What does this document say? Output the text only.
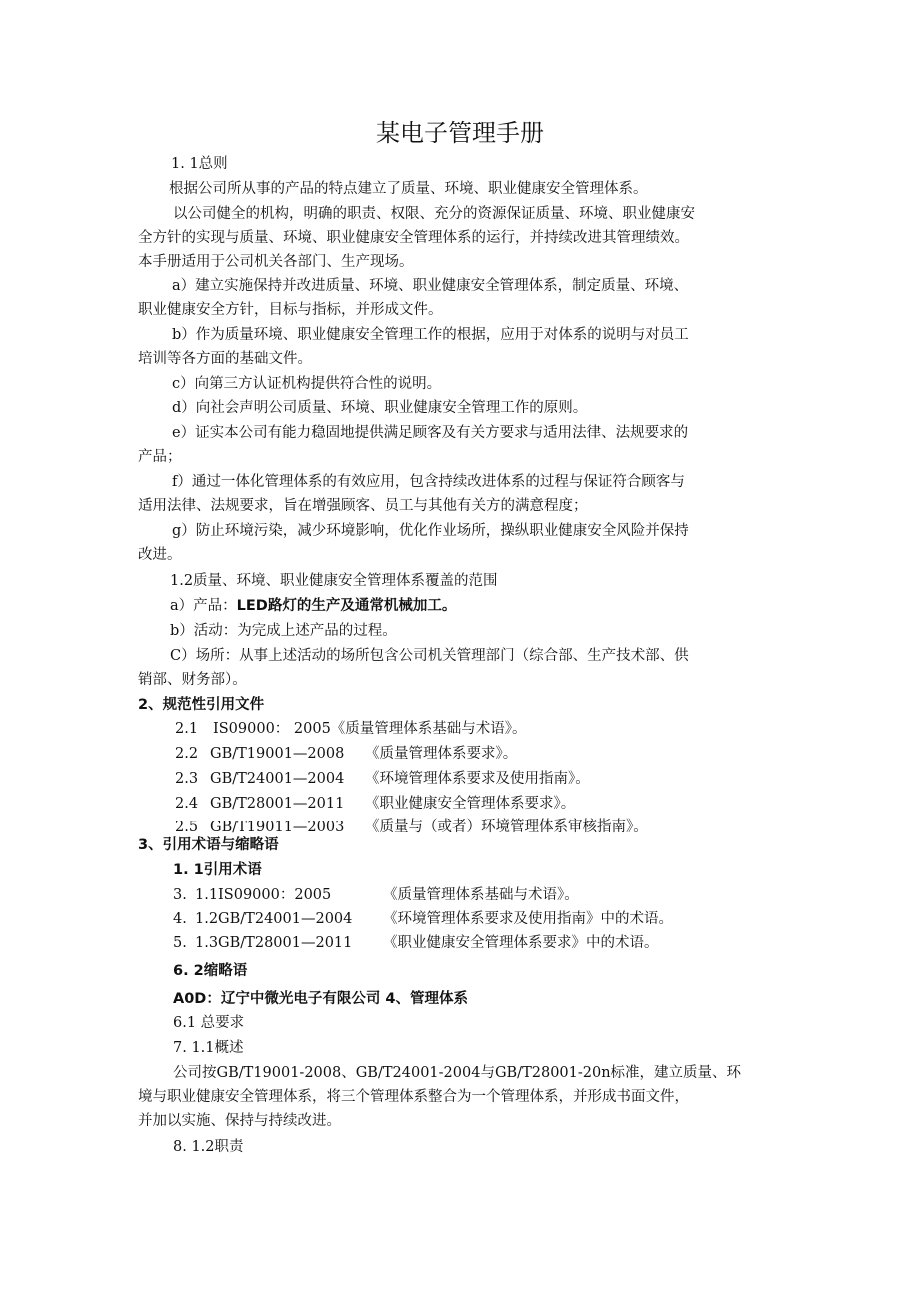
某电子管理手册
1. 1总则
根据公司所从事的产品的特点建立了质量、环境、职业健康安全管理体系。
以公司健全的机构，明确的职责、权限、充分的资源保证质量、环境、职业健康安
全方针的实现与质量、环境、职业健康安全管理体系的运行，并持续改进其管理绩效。
本手册适用于公司机关各部门、生产现场。
a）建立实施保持并改进质量、环境、职业健康安全管理体系，制定质量、环境、
职业健康安全方针，目标与指标，并形成文件。
b）作为质量环境、职业健康安全管理工作的根据，应用于对体系的说明与对员工
培训等各方面的基础文件。
c）向第三方认证机构提供符合性的说明。
d）向社会声明公司质量、环境、职业健康安全管理工作的原则。
e）证实本公司有能力稳固地提供满足顾客及有关方要求与适用法律、法规要求的
产品；
f）通过一体化管理体系的有效应用，包含持续改进体系的过程与保证符合顾客与
适用法律、法规要求，旨在增强顾客、员工与其他有关方的满意程度；
g）防止环境污染，减少环境影响，优化作业场所，操纵职业健康安全风险并保持
改进。
1.2质量、环境、职业健康安全管理体系覆盖的范围
a）产品：LED路灯的生产及通常机械加工。
b）活动：为完成上述产品的过程。
C）场所：从事上述活动的场所包含公司机关管理部门（综合部、生产技术部、供
销部、财务部）。
2、规范性引用文件
2.1 IS09000： 2005《质量管理体系基础与术语》。
2.2 GB/T19001—2008 《质量管理体系要求》。
2.3 GB/T24001—2004 《环境管理体系要求及使用指南》。
2.4 GB/T28001—2011 《职业健康安全管理体系要求》。
2.5 GB/T19011—2003 《质量与（或者）环境管理体系审核指南》。
3、引用术语与缩略语
1. 1引用术语
3. 1.1IS09000：2005	《质量管理体系基础与术语》。
4. 1.2GB/T24001—2004 《环境管理体系要求及使用指南》中的术语。
5. 1.3GB/T28001—2011 《职业健康安全管理体系要求》中的术语。
6. 2缩略语
A0D：辽宁中微光电子有限公司 4、管理体系
6.1 总要求
7. 1.1概述
公司按GB/T19001-2008、GB/T24001-2004与GB/T28001-20n标准，建立质量、环
境与职业健康安全管理体系，将三个管理体系整合为一个管理体系，并形成书面文件，
并加以实施、保持与持续改进。
8. 1.2职责
